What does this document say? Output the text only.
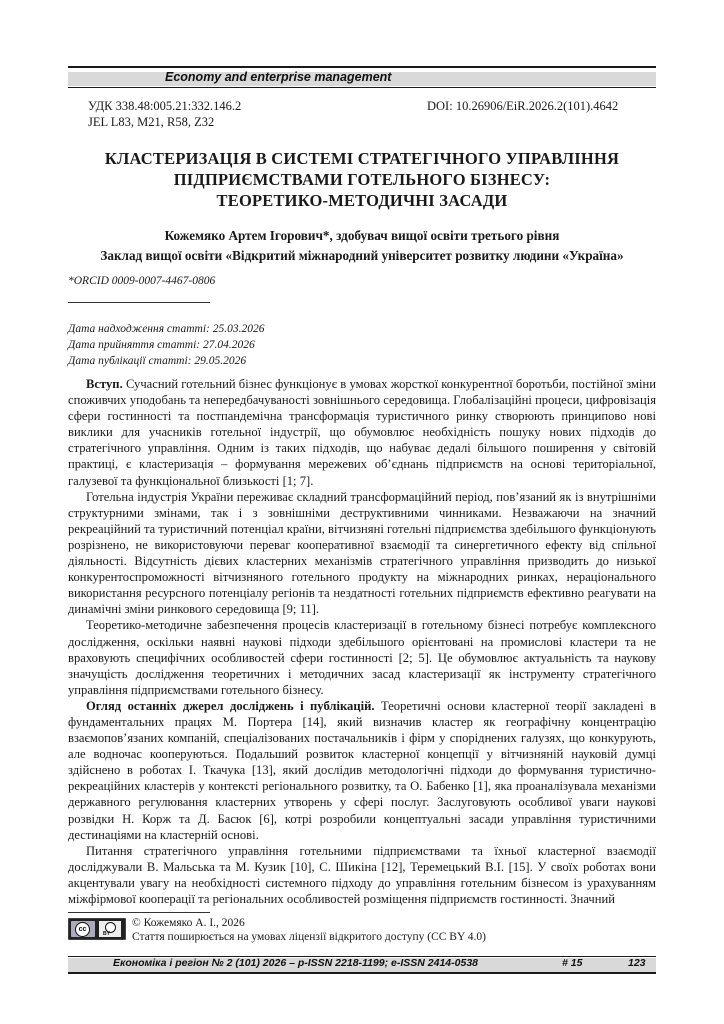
Economy and enterprise management
УДК 338.48:005.21:332.146.2
JEL L83, M21, R58, Z32
DOI: 10.26906/EiR.2026.2(101).4642
КЛАСТЕРИЗАЦІЯ В СИСТЕМІ СТРАТЕГІЧНОГО УПРАВЛІННЯ
ПІДПРИЄМСТВАМИ ГОТЕЛЬНОГО БІЗНЕСУ:
ТЕОРЕТИКО-МЕТОДИЧНІ ЗАСАДИ
Кожемяко Артем Ігорович*, здобувач вищої освіти третього рівня
Заклад вищої освіти «Відкритий міжнародний університет розвитку людини «Україна»
*ORCID 0009-0007-4467-0806
Дата надходження статті: 25.03.2026
Дата прийняття статті: 27.04.2026
Дата публікації статті: 29.05.2026

Вступ. Сучасний готельний бізнес функціонує в умовах жорсткої конкурентної боротьби, постійної зміни споживчих уподобань та непередбачуваності зовнішнього середовища. Глобалізаційні процеси, цифровізація сфери гостинності та постпандемічна трансформація туристичного ринку створюють принципово нові виклики для учасників готельної індустрії, що обумовлює необхідність пошуку нових підходів до стратегічного управління. Одним із таких підходів, що набуває дедалі більшого поширення у світовій практиці, є кластеризація – формування мережевих об’єднань підприємств на основі територіальної, галузевої та функціональної близькості [1; 7].

Готельна індустрія України переживає складний трансформаційний період, пов’язаний як із внутрішніми структурними змінами, так і з зовнішніми деструктивними чинниками. Незважаючи на значний рекреаційний та туристичний потенціал країни, вітчизняні готельні підприємства здебільшого функціонують розрізнено, не використовуючи переваг кооперативної взаємодії та синергетичного ефекту від спільної діяльності. Відсутність дієвих кластерних механізмів стратегічного управління призводить до низької конкурентоспроможності вітчизняного готельного продукту на міжнародних ринках, нераціонального використання ресурсного потенціалу регіонів та нездатності готельних підприємств ефективно реагувати на динамічні зміни ринкового середовища [9; 11].

Теоретико-методичне забезпечення процесів кластеризації в готельному бізнесі потребує комплексного дослідження, оскільки наявні наукові підходи здебільшого орієнтовані на промислові кластери та не враховують специфічних особливостей сфери гостинності [2; 5]. Це обумовлює актуальність та наукову значущість дослідження теоретичних і методичних засад кластеризації як інструменту стратегічного управління підприємствами готельного бізнесу.

Огляд останніх джерел досліджень і публікацій. Теоретичні основи кластерної теорії закладені в фундаментальних працях М. Портера [14], який визначив кластер як географічну концентрацію взаємопов’язаних компаній, спеціалізованих постачальників і фірм у споріднених галузях, що конкурують, але водночас кооперуються. Подальший розвиток кластерної концепції у вітчизняній науковій думці здійснено в роботах І. Ткачука [13], який дослідив методологічні підходи до формування туристично-рекреаційних кластерів у контексті регіонального розвитку, та О. Бабенко [1], яка проаналізувала механізми державного регулювання кластерних утворень у сфері послуг. Заслуговують особливої уваги наукові розвідки Н. Корж та Д. Басюк [6], котрі розробили концептуальні засади управління туристичними дестинаціями на кластерній основі.

Питання стратегічного управління готельними підприємствами та їхньої кластерної взаємодії досліджували В. Мальська та М. Кузик [10], С. Шикіна [12], Теремецький В.І. [15]. У своїх роботах вони акцентували увагу на необхідності системного підходу до управління готельним бізнесом із урахуванням міжфірмової кооперації та регіональних особливостей розміщення підприємств гостинності. Значний

cc
BY
© Кожемяко А. І., 2026
Стаття поширюється на умовах ліцензії відкритого доступу (CC BY 4.0)
Економіка і регіон № 2 (101) 2026 – p-ISSN 2218-1199; e-ISSN 2414-0538	# 15	123
